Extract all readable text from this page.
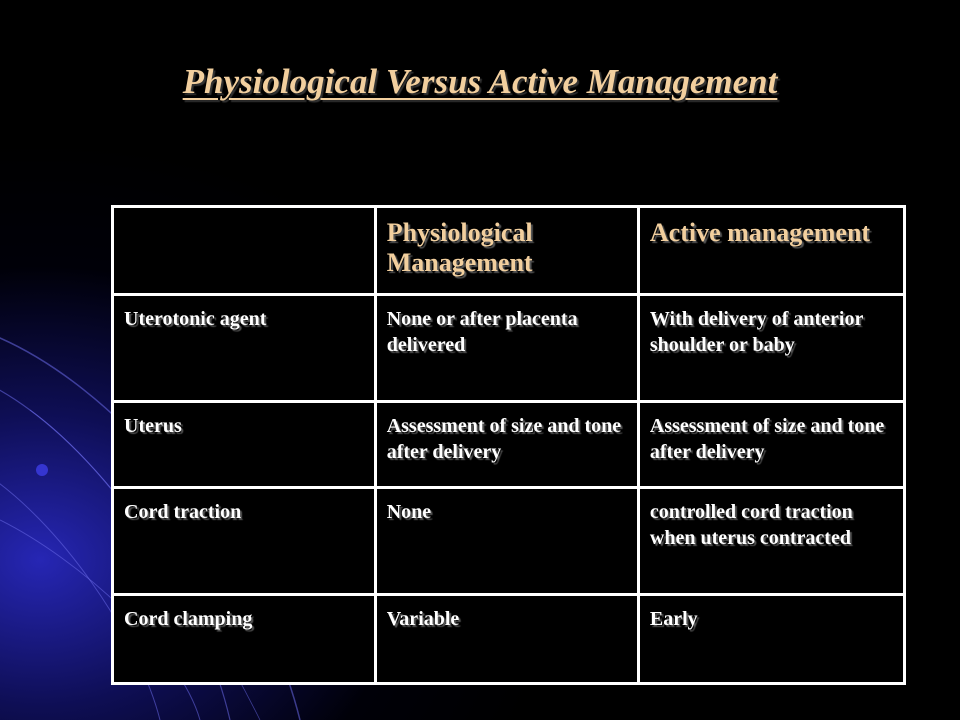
Physiological Versus Active Management
	Physiological Management	Active management
Uterotonic agent	None or after placenta delivered	With delivery of anterior shoulder or baby
Uterus	Assessment of size and tone after delivery	Assessment of size and tone after delivery
Cord traction	None	controlled cord traction when uterus contracted
Cord clamping	Variable	Early
